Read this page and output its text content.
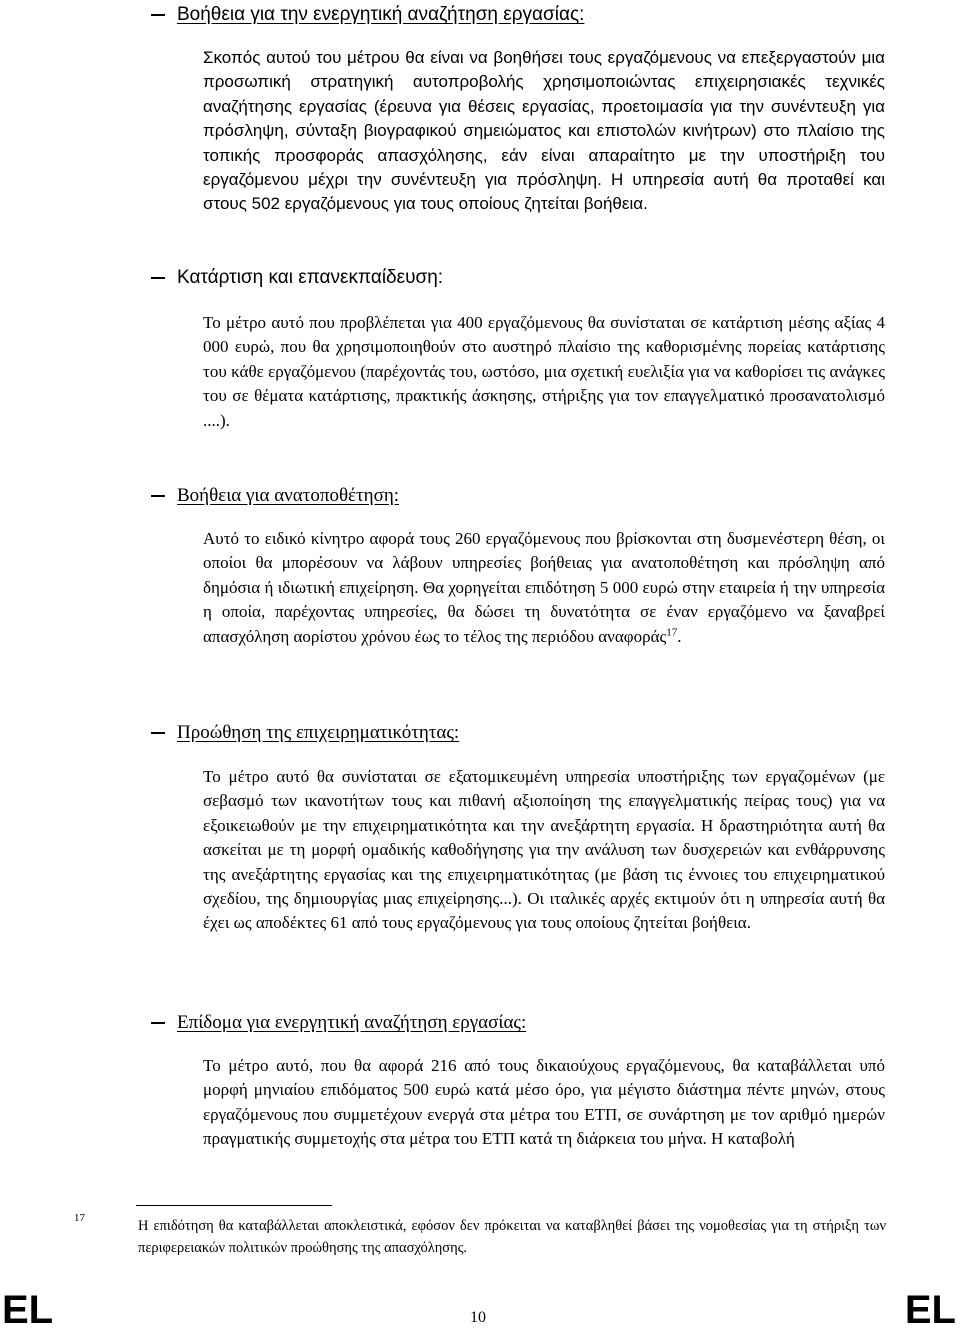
Βοήθεια για την ενεργητική αναζήτηση εργασίας:
Σκοπός αυτού του μέτρου θα είναι να βοηθήσει τους εργαζόμενους να επεξεργαστούν μια προσωπική στρατηγική αυτοπροβολής χρησιμοποιώντας επιχειρησιακές τεχνικές αναζήτησης εργασίας (έρευνα για θέσεις εργασίας, προετοιμασία για την συνέντευξη για πρόσληψη, σύνταξη βιογραφικού σημειώματος και επιστολών κινήτρων) στο πλαίσιο της τοπικής προσφοράς απασχόλησης, εάν είναι απαραίτητο με την υποστήριξη του εργαζόμενου μέχρι την συνέντευξη για πρόσληψη. Η υπηρεσία αυτή θα προταθεί και στους 502 εργαζόμενους για τους οποίους ζητείται βοήθεια.
Κατάρτιση και επανεκπαίδευση:
Το μέτρο αυτό που προβλέπεται για 400 εργαζόμενους θα συνίσταται σε κατάρτιση μέσης αξίας 4 000 ευρώ, που θα χρησιμοποιηθούν στο αυστηρό πλαίσιο της καθορισμένης πορείας κατάρτισης του κάθε εργαζόμενου (παρέχοντάς του, ωστόσο, μια σχετική ευελιξία για να καθορίσει τις ανάγκες του σε θέματα κατάρτισης, πρακτικής άσκησης, στήριξης για τον επαγγελματικό προσανατολισμό ....).
Βοήθεια για ανατοποθέτηση:
Αυτό το ειδικό κίνητρο αφορά τους 260 εργαζόμενους που βρίσκονται στη δυσμενέστερη θέση, οι οποίοι θα μπορέσουν να λάβουν υπηρεσίες βοήθειας για ανατοποθέτηση και πρόσληψη από δημόσια ή ιδιωτική επιχείρηση. Θα χορηγείται επιδότηση 5 000 ευρώ στην εταιρεία ή την υπηρεσία η οποία, παρέχοντας υπηρεσίες, θα δώσει τη δυνατότητα σε έναν εργαζόμενο να ξαναβρεί απασχόληση αορίστου χρόνου έως το τέλος της περιόδου αναφοράς$^{17}$.
Προώθηση της επιχειρηματικότητας:
Το μέτρο αυτό θα συνίσταται σε εξατομικευμένη υπηρεσία υποστήριξης των εργαζομένων (με σεβασμό των ικανοτήτων τους και πιθανή αξιοποίηση της επαγγελματικής πείρας τους) για να εξοικειωθούν με την επιχειρηματικότητα και την ανεξάρτητη εργασία. Η δραστηριότητα αυτή θα ασκείται με τη μορφή ομαδικής καθοδήγησης για την ανάλυση των δυσχερειών και ενθάρρυνσης της ανεξάρτητης εργασίας και της επιχειρηματικότητας (με βάση τις έννοιες του επιχειρηματικού σχεδίου, της δημιουργίας μιας επιχείρησης...). Οι ιταλικές αρχές εκτιμούν ότι η υπηρεσία αυτή θα έχει ως αποδέκτες 61 από τους εργαζόμενους για τους οποίους ζητείται βοήθεια.
Επίδομα για ενεργητική αναζήτηση εργασίας:
Το μέτρο αυτό, που θα αφορά 216 από τους δικαιούχους εργαζόμενους, θα καταβάλλεται υπό μορφή μηνιαίου επιδόματος 500 ευρώ κατά μέσο όρο, για μέγιστο διάστημα πέντε μηνών, στους εργαζόμενους που συμμετέχουν ενεργά στα μέτρα του ΕΤΠ, σε συνάρτηση με τον αριθμό ημερών πραγματικής συμμετοχής στα μέτρα του ΕΤΠ κατά τη διάρκεια του μήνα. Η καταβολή
17	Η επιδότηση θα καταβάλλεται αποκλειστικά, εφόσον δεν πρόκειται να καταβληθεί βάσει της νομοθεσίας για τη στήριξη των περιφερειακών πολιτικών προώθησης της απασχόλησης.
EL	10	EL
